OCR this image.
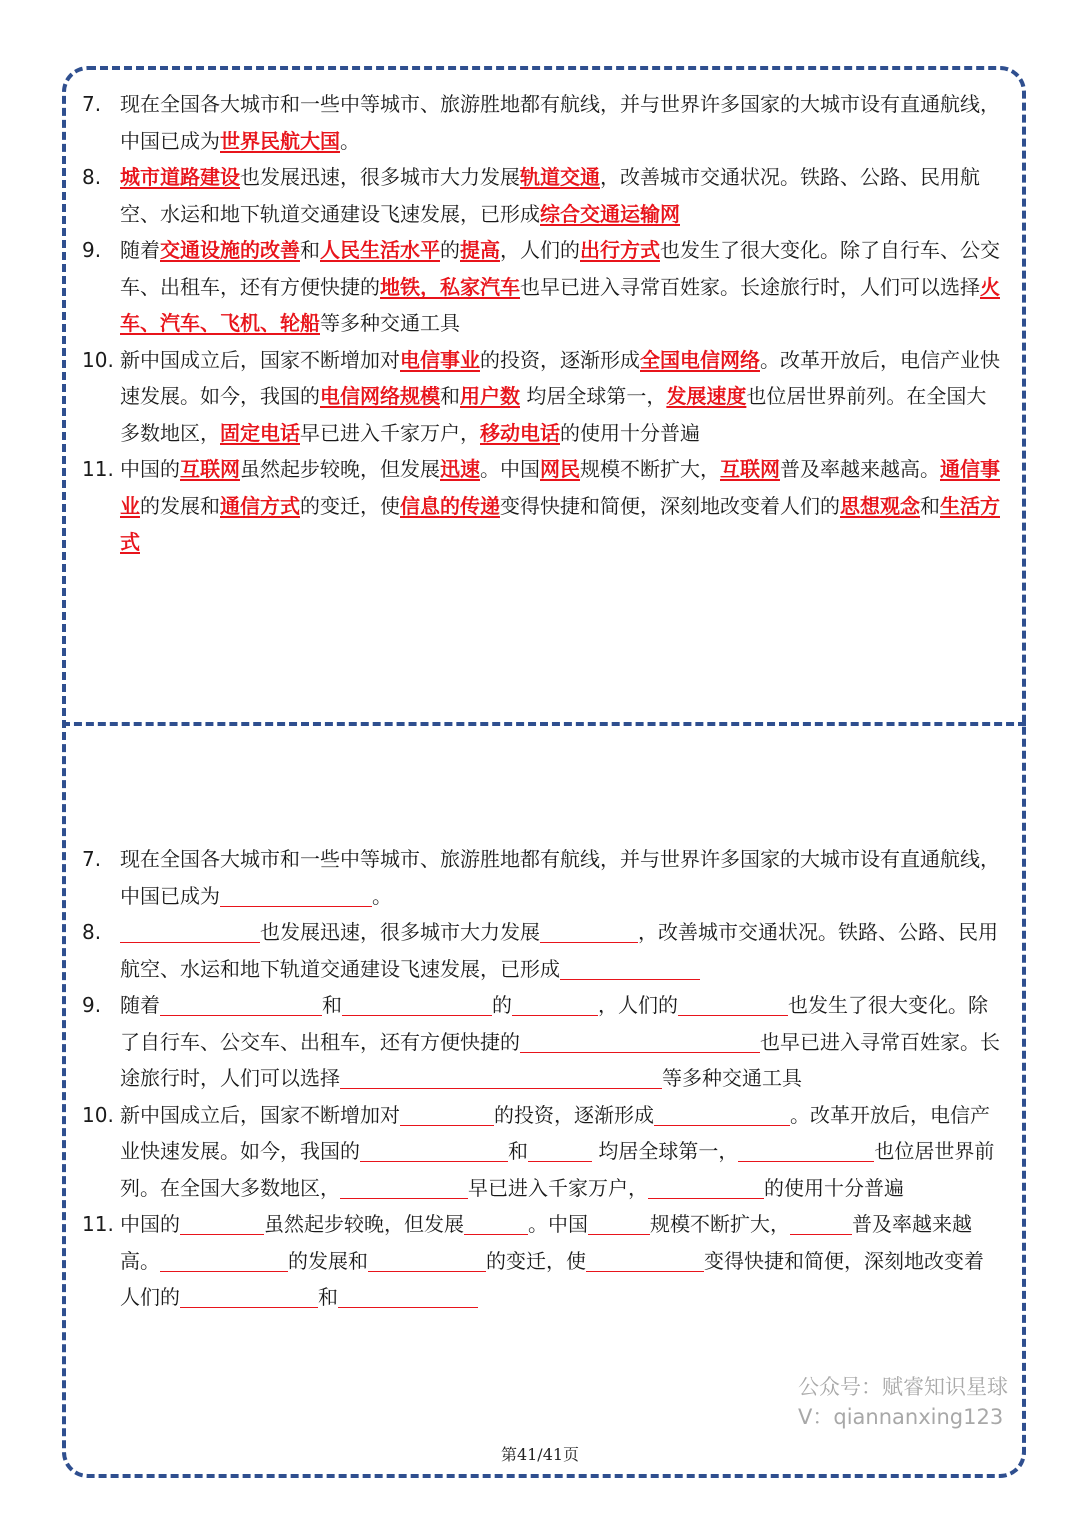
7. 现在全国各大城市和一些中等城市、旅游胜地都有航线，并与世界许多国家的大城市设有直通航线，中国已成为世界民航大国。
8. 城市道路建设也发展迅速，很多城市大力发展轨道交通，改善城市交通状况。铁路、公路、民用航空、水运和地下轨道交通建设飞速发展，已形成综合交通运输网
9. 随着交通设施的改善和人民生活水平的提高，人们的出行方式也发生了很大变化。除了自行车、公交车、出租车，还有方便快捷的地铁，私家汽车也早已进入寻常百姓家。长途旅行时，人们可以选择火车、汽车、飞机、轮船等多种交通工具
10. 新中国成立后，国家不断增加对电信事业的投资，逐渐形成全国电信网络。改革开放后，电信产业快速发展。如今，我国的电信网络规模和用户数 均居全球第一，发展速度也位居世界前列。在全国大多数地区，固定电话早已进入千家万户，移动电话的使用十分普遍
11. 中国的互联网虽然起步较晚，但发展迅速。中国网民规模不断扩大，互联网普及率越来越高。通信事业的发展和通信方式的变迁，使信息的传递变得快捷和简便，深刻地改变着人们的思想观念和生活方式
7. 现在全国各大城市和一些中等城市、旅游胜地都有航线，并与世界许多国家的大城市设有直通航线，中国已成为	。
8.	也发展迅速，很多城市大力发展	，改善城市交通状况。铁路、公路、民用航空、水运和地下轨道交通建设飞速发展，已形成
9. 随着	和	的	，人们的	也发生了很大变化。除了自行车、公交车、出租车，还有方便快捷的	也早已进入寻常百姓家。长途旅行时，人们可以选择	等多种交通工具
10. 新中国成立后，国家不断增加对	的投资，逐渐形成	。改革开放后，电信产业快速发展。如今，我国的	和	均居全球第一，	也位居世界前列。在全国大多数地区，	早已进入千家万户，	的使用十分普遍
11. 中国的	虽然起步较晚，但发展	。中国	规模不断扩大，	普及率越来越高。	的发展和	的变迁，使	变得快捷和简便，深刻地改变着人们的	和
公众号：赋睿知识星球
V：qiannanxing123
第41/41页
